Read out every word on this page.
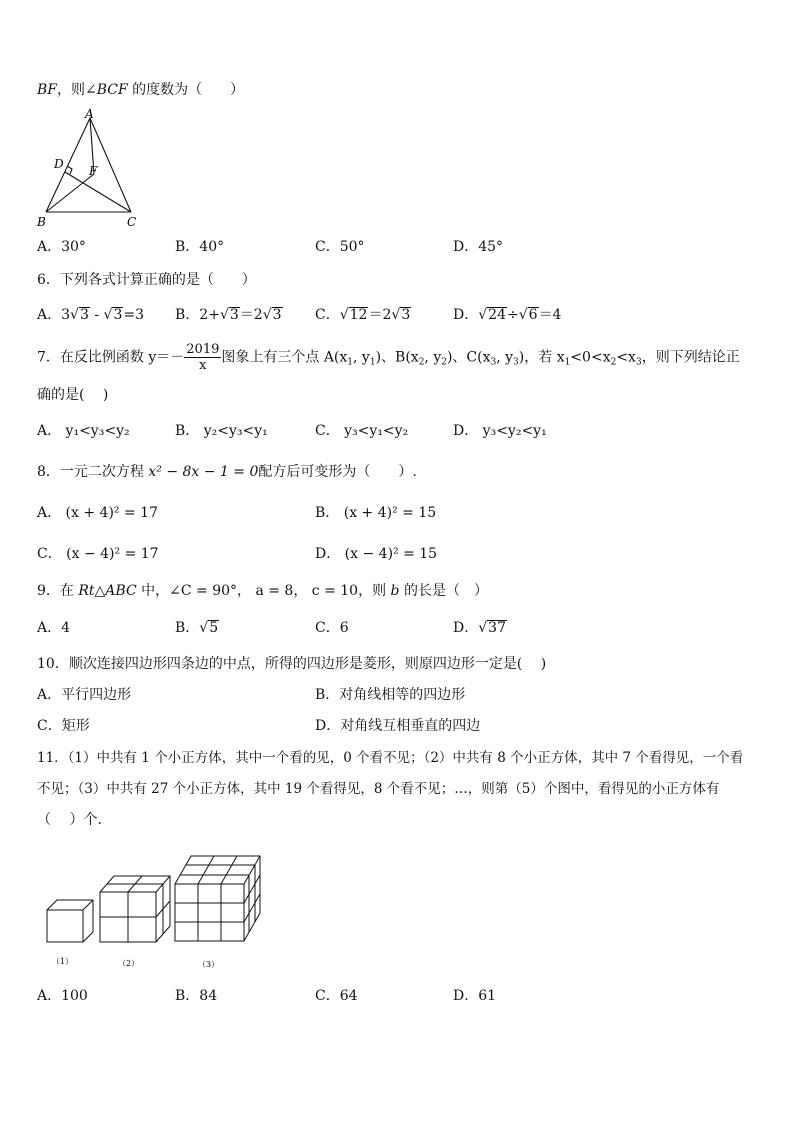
BF，则∠BCF 的度数为（　　）
A
D F
B	C
A．30°	B．40°	C．50°	D．45°
6．下列各式计算正确的是（　　）
A．3√3 - √3=3 B．2+√3＝2√3 C．√12＝2√3	D．√24÷√6＝4
7．在反比例函数 $y=- \frac{2019}{x}$ 图象上有三个点 $A(x_1$, $y_1$)、$B(x_2$, $y_2$)、$C(x_3$, $y_3$)，若 $x_1<0<x_2<x_3$，则下列结论正
确的是(　 )
A． y₁<y₃<y₂	B． y₂<y₃<y₁	C． y₃<y₁<y₂	D． y₃<y₂<y₁
8．一元二次方程 x² − 8x − 1 = 0配方后可变形为（　　）.
A． (x + 4)² = 17	B． (x + 4)² = 15
C． (x − 4)² = 17	D． (x − 4)² = 15
9．在 Rt△ABC 中，∠C = 90°， a = 8， c = 10，则 b 的长是（　）
A．4	B．√5	C．6	D．√37
10．顺次连接四边形四条边的中点，所得的四边形是菱形，则原四边形一定是(　 )
A．平行四边形	B．对角线相等的四边形
C．矩形	D．对角线互相垂直的四边
11．（1）中共有 1 个小正方体，其中一个看的见，0 个看不见；（2）中共有 8 个小正方体，其中 7 个看得见，一个看
不见；（3）中共有 27 个小正方体，其中 19 个看得见，8 个看不见；…，则第（5）个图中，看得见的小正方体有
（　 ）个．
（1）	（2）	（3）
A．100	B．84	C．64	D．61
